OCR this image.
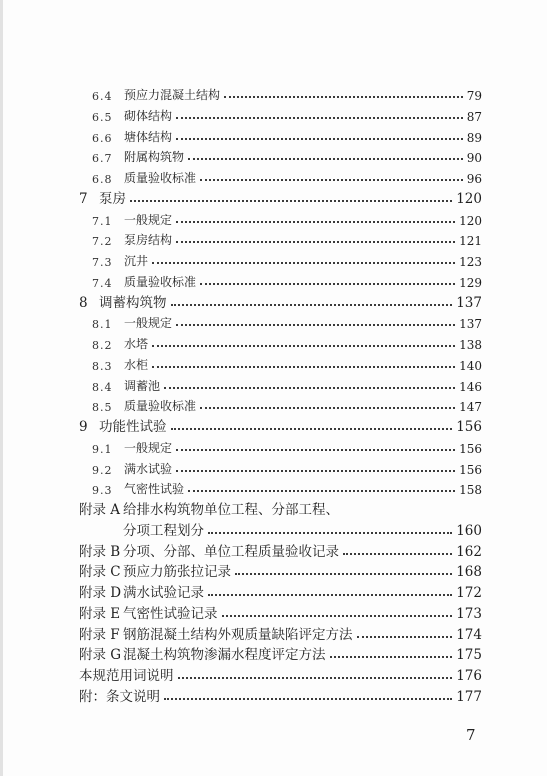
6.4 预应力混凝土结构	79
6.5 砌体结构	87
6.6 塘体结构	89
6.7 附属构筑物	90
6.8 质量验收标准	96
7 泵房	120
7.1 一般规定	120
7.2 泵房结构	121
7.3 沉井	123
7.4 质量验收标准	129
8 调蓄构筑物	137
8.1 一般规定	137
8.2 水塔	138
8.3 水柜	140
8.4 调蓄池	146
8.5 质量验收标准	147
9 功能性试验	156
9.1 一般规定	156
9.2 满水试验	156
9.3 气密性试验	158
附录 A 给排水构筑物单位工程、分部工程、
分项工程划分	160
附录 B 分项、分部、单位工程质量验收记录	162
附录 C 预应力筋张拉记录	168
附录 D 满水试验记录	172
附录 E 气密性试验记录	173
附录 F 钢筋混凝土结构外观质量缺陷评定方法	174
附录 G 混凝土构筑物渗漏水程度评定方法	175
本规范用词说明	176
附：条文说明	177
7
